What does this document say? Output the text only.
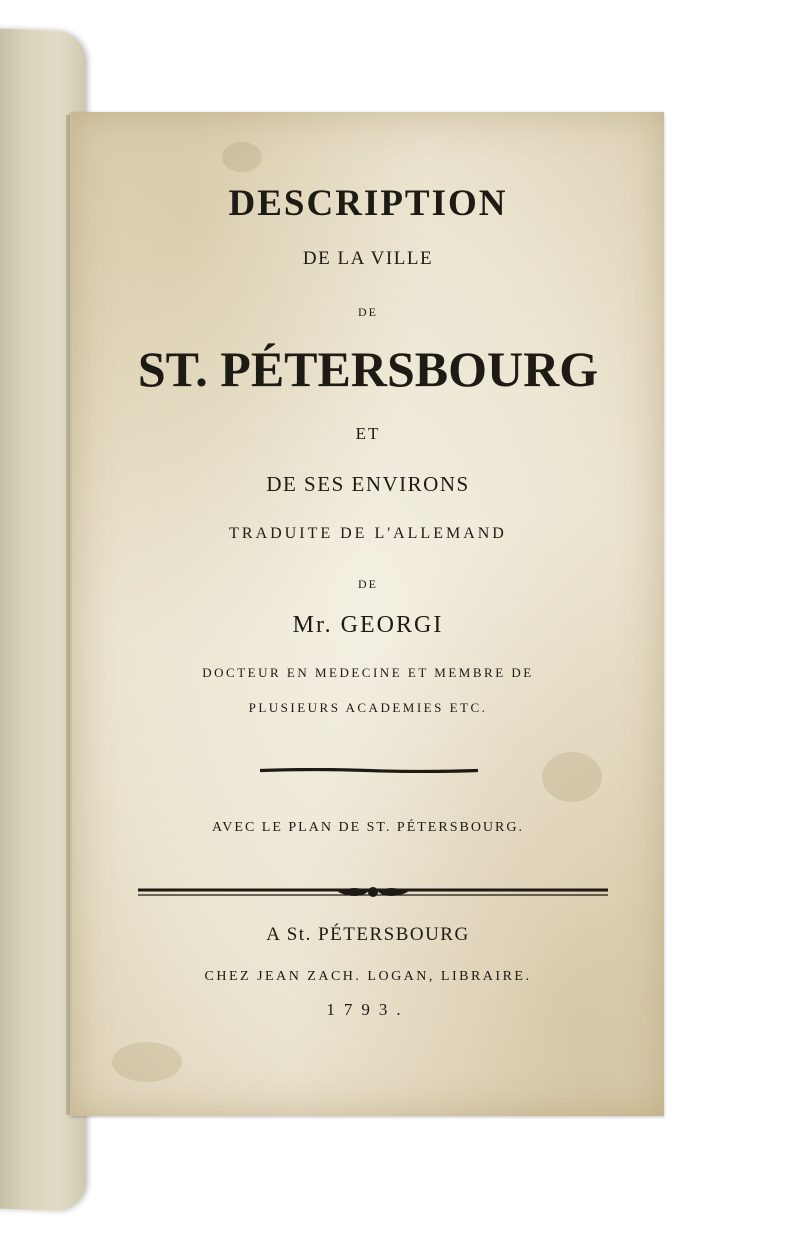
DESCRIPTION
DE LA VILLE
DE
ST. PÉTERSBOURG
ET
DE SES ENVIRONS
TRADUITE DE L'ALLEMAND
DE
Mr. GEORGI
DOCTEUR EN MEDECINE ET MEMBRE DE
PLUSIEURS ACADEMIES ETC.
AVEC LE PLAN DE ST. PÉTERSBOURG.
A St. PÉTERSBOURG
CHEZ JEAN ZACH. LOGAN, LIBRAIRE.
1793.
